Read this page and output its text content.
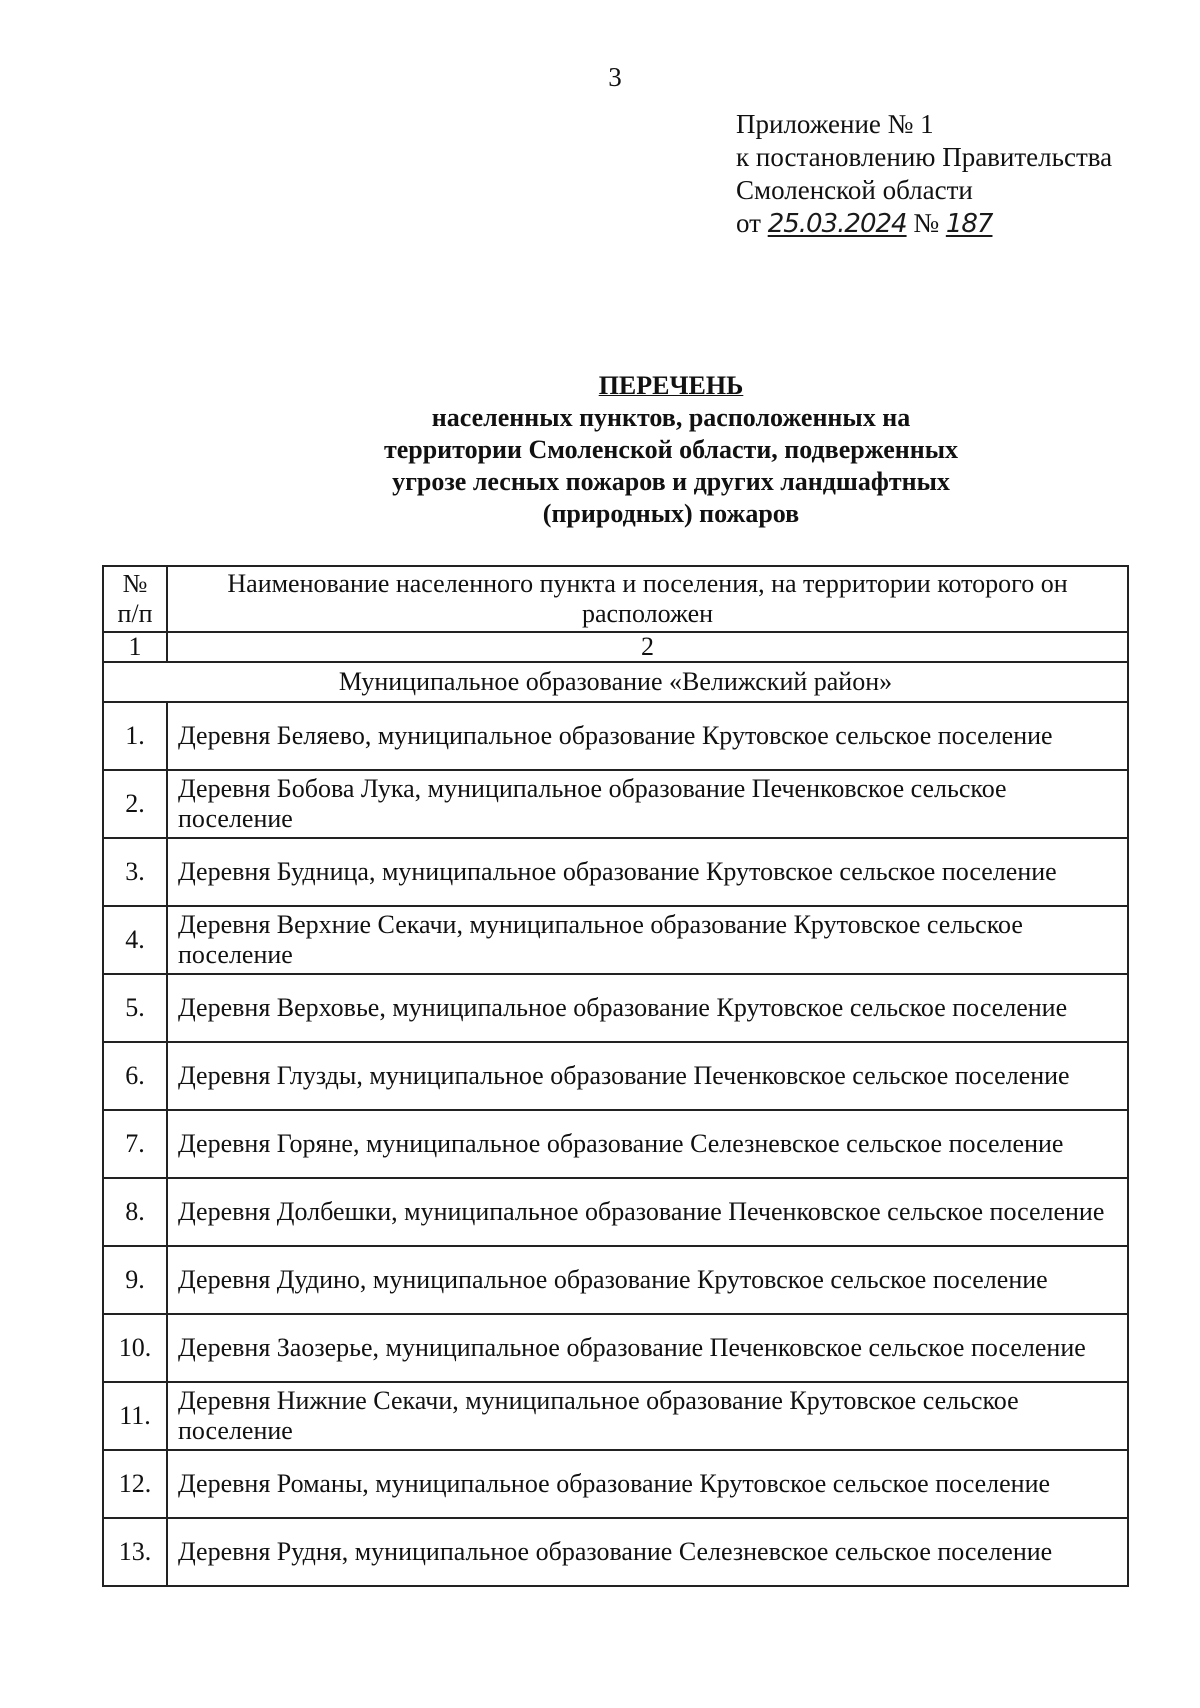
3
Приложение № 1
к постановлению Правительства
Смоленской области
от 25.03.2024 № 187
ПЕРЕЧЕНЬ
населенных пунктов, расположенных на
территории Смоленской области, подверженных
угрозе лесных пожаров и других ландшафтных
(природных) пожаров
№
п/п	Наименование населенного пункта и поселения, на территории которого он расположен
1	2
Муниципальное образование «Велижский район»	
1.	Деревня Беляево, муниципальное образование Крутовское сельское поселение
2.	Деревня Бобова Лука, муниципальное образование Печенковское сельское поселение
3.	Деревня Будница, муниципальное образование Крутовское сельское поселение
4.	Деревня Верхние Секачи, муниципальное образование Крутовское сельское поселение
5.	Деревня Верховье, муниципальное образование Крутовское сельское поселение
6.	Деревня Глузды, муниципальное образование Печенковское сельское поселение
7.	Деревня Горяне, муниципальное образование Селезневское сельское поселение
8.	Деревня Долбешки, муниципальное образование Печенковское сельское поселение
9.	Деревня Дудино, муниципальное образование Крутовское сельское поселение
10.	Деревня Заозерье, муниципальное образование Печенковское сельское поселение
11.	Деревня Нижние Секачи, муниципальное образование Крутовское сельское поселение
12.	Деревня Романы, муниципальное образование Крутовское сельское поселение
13.	Деревня Рудня, муниципальное образование Селезневское сельское поселение
